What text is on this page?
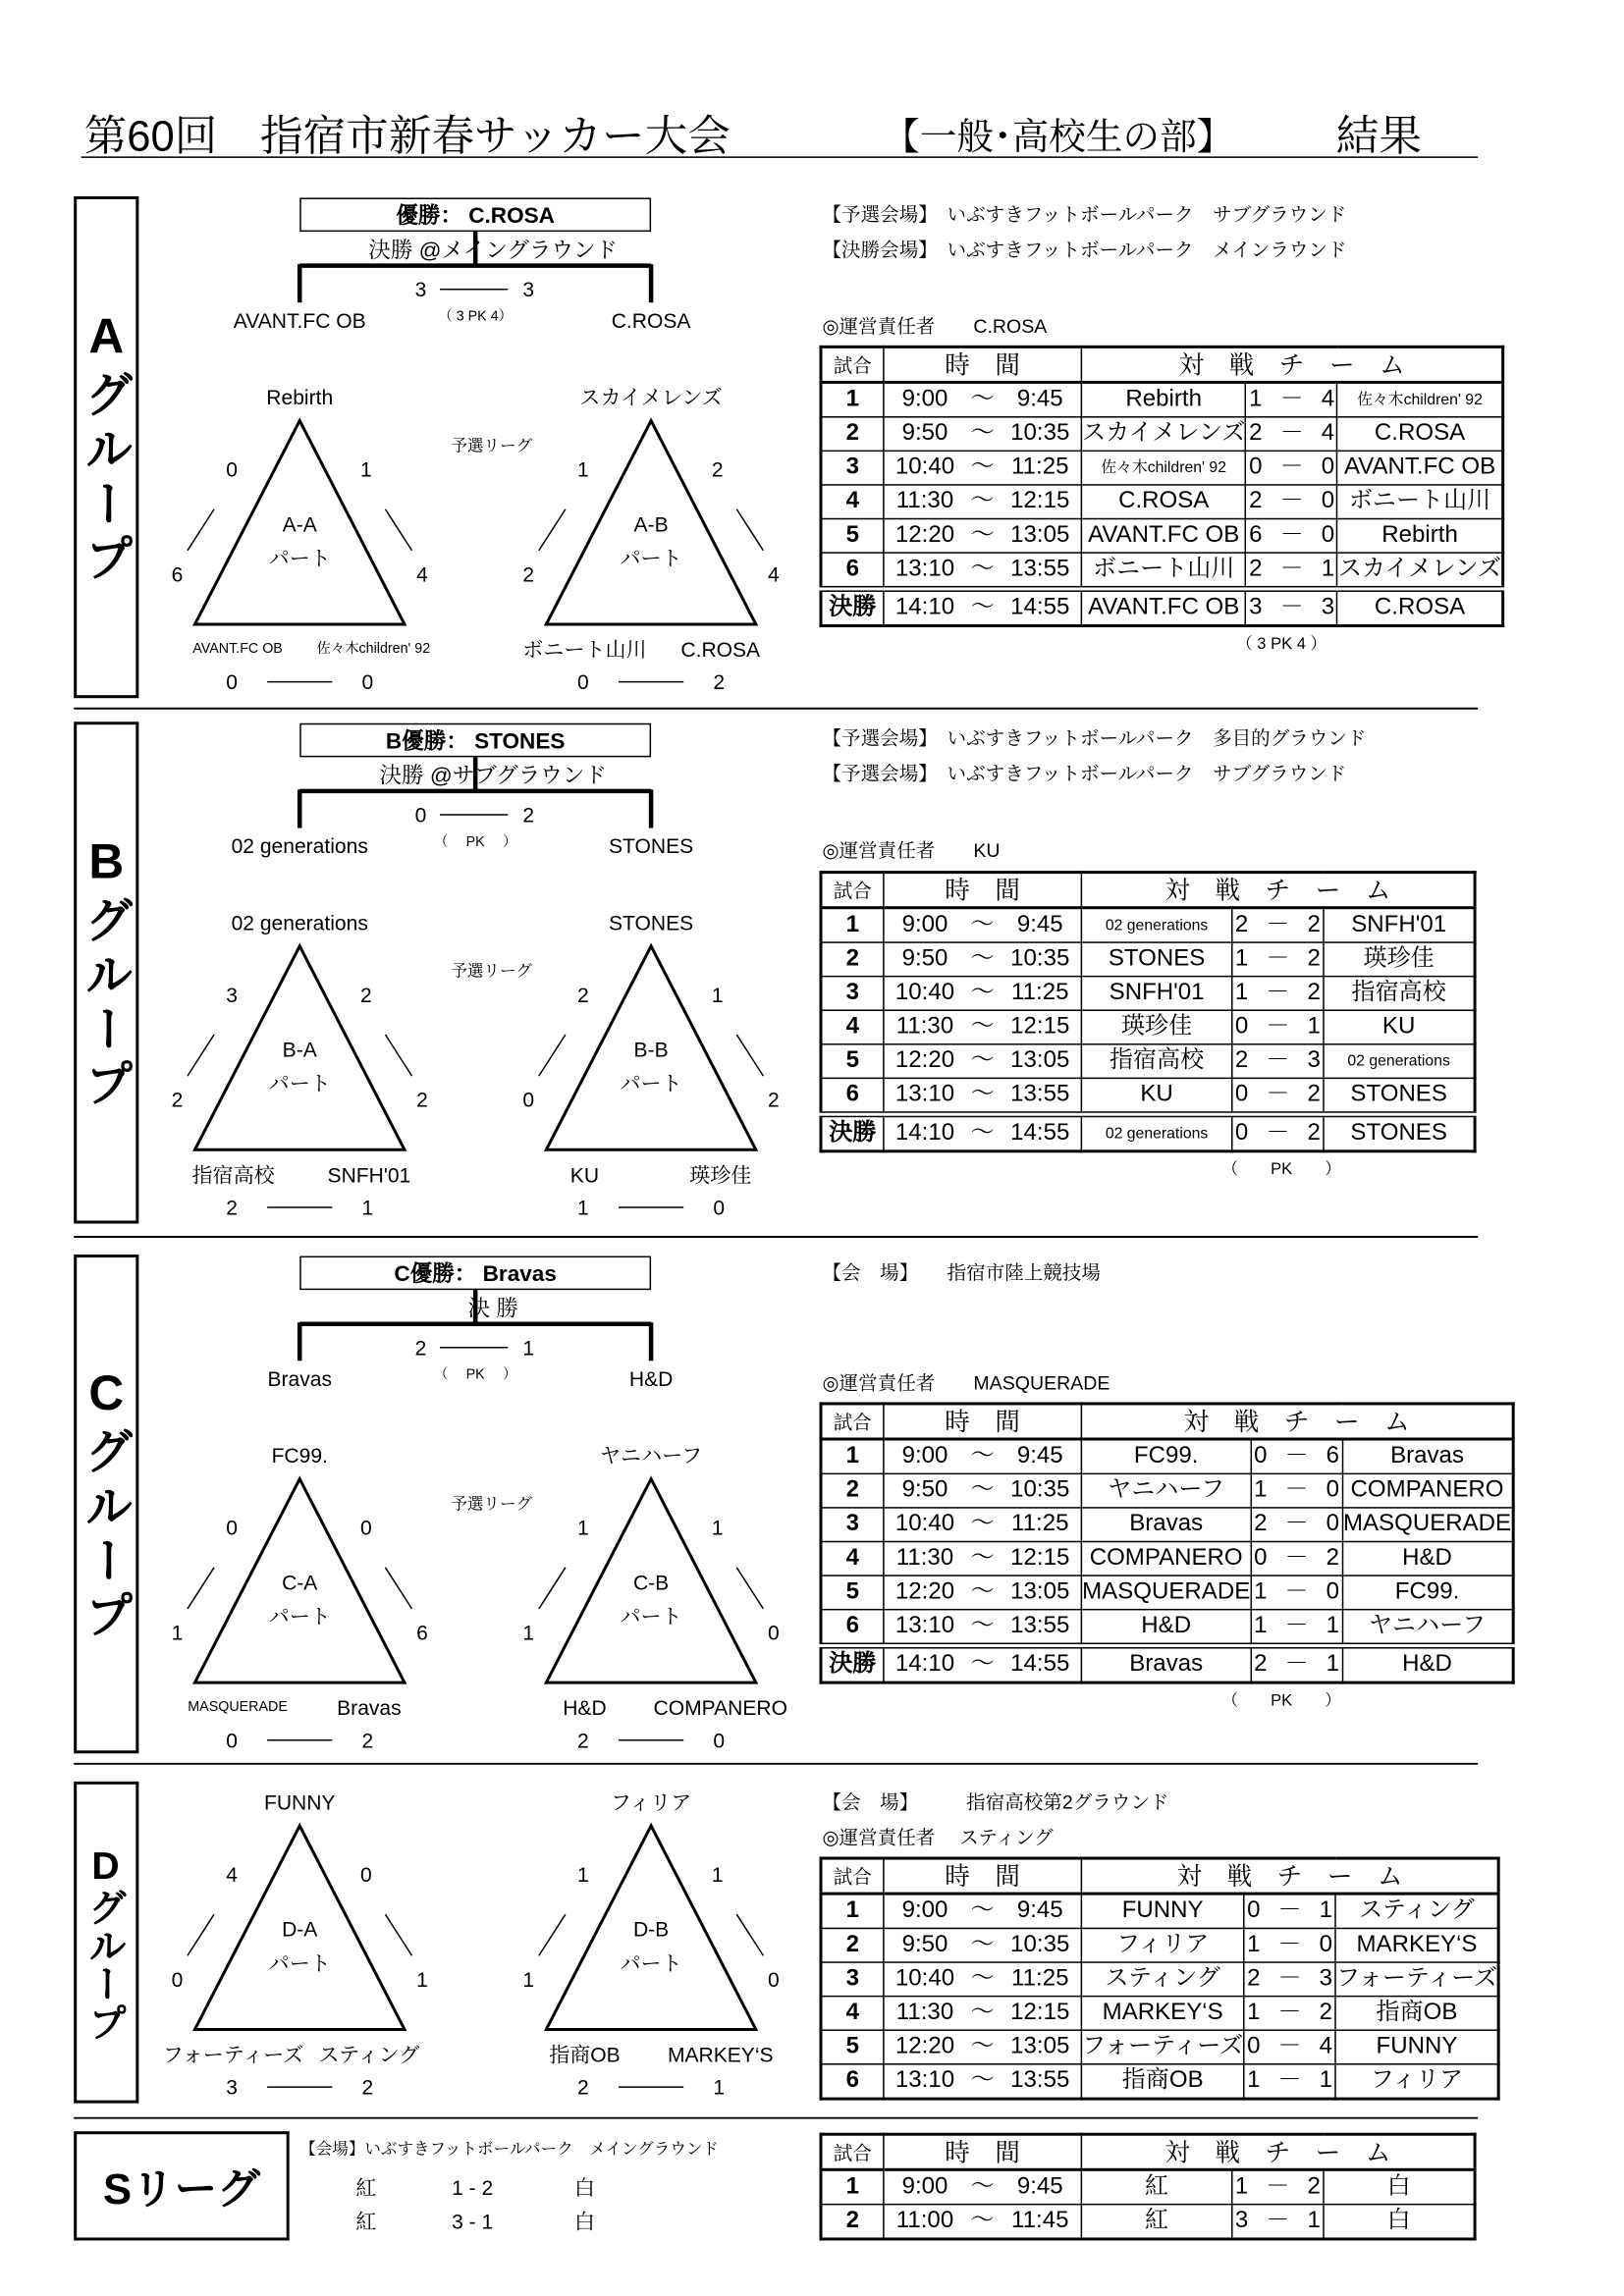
第60回　指宿市新春サッカー大会	【一般･高校生の部】	結果
Aグループ
優勝： C.ROSA
決勝 @メイングラウンド
3	3
AVANT.FC OB	C.ROSA
（ 3 PK 4）
予選リーグ
Rebirth
0	1
6	4
A-A
パート
AVANT.FC OB	佐々木children' 92
0	0
スカイメレンズ
1	2
2	4
A-B
パート
ボニート山川 C.ROSA
0	2
【予選会場】　いぶすきフットボールパーク　サブグラウンド
【決勝会場】　いぶすきフットボールパーク　メインラウンド
◎運営責任者　　C.ROSA
試合	時　間	対　戦　チ　ー　ム		
1	9:00 ～ 9:45	Rebirth	1 － 4	佐々木children' 92
2	9:50 ～ 10:35	スカイメレンズ	2 － 4	C.ROSA
3	10:40 ～ 11:25	佐々木children' 92	0 － 0	AVANT.FC OB
4	11:30 ～ 12:15	C.ROSA	2 － 0	ボニート山川
5	12:20 ～ 13:05	AVANT.FC OB	6 － 0	Rebirth
6	13:10 ～ 13:55	ボニート山川	2 － 1	スカイメレンズ
決勝	14:10 ～ 14:55	AVANT.FC OB	3 － 3	C.ROSA
（ 3 PK 4 ）
Bグループ
B優勝： STONES
決勝 @サブグラウンド
0	2
02 generations	STONES
（　 PK　 ）
予選リーグ
02 generations
3	2
2	2
B-A
パート
指宿高校	SNFH'01
2	1
STONES
2	1
0	2
B-B
パート
KU	瑛珍佳
1	0
【予選会場】　いぶすきフットボールパーク　多目的グラウンド
【予選会場】　いぶすきフットボールパーク　サブグラウンド
◎運営責任者　　KU
試合	時　間	対　戦　チ　ー　ム		
1	9:00 ～ 9:45	02 generations	2 － 2	SNFH'01
2	9:50 ～ 10:35	STONES	1 － 2	瑛珍佳
3	10:40 ～ 11:25	SNFH'01	1 － 2	指宿高校
4	11:30 ～ 12:15	瑛珍佳	0 － 1	KU
5	12:20 ～ 13:05	指宿高校	2 － 3	02 generations
6	13:10 ～ 13:55	KU	0 － 2	STONES
決勝	14:10 ～ 14:55	02 generations	0 － 2	STONES
（　　PK　　）
Cグループ
C優勝： Bravas
決 勝
2	1
Bravas	H&D
（　 PK　 ）
予選リーグ
FC99.
0	0
1	6
C-A
パート
MASQUERADE	Bravas
0	2
ヤニハーフ
1	1
1	0
C-B
パート
H&D	COMPANERO
2	0
【会　場】　　指宿市陸上競技場
◎運営責任者　　MASQUERADE
試合	時　間	対　戦　チ　ー　ム		
1	9:00 ～ 9:45	FC99.	0 － 6	Bravas
2	9:50 ～ 10:35	ヤニハーフ	1 － 0	COMPANERO
3	10:40 ～ 11:25	Bravas	2 － 0	MASQUERADE
4	11:30 ～ 12:15	COMPANERO	0 － 2	H&D
5	12:20 ～ 13:05	MASQUERADE	1 － 0	FC99.
6	13:10 ～ 13:55	H&D	1 － 1	ヤニハーフ
決勝	14:10 ～ 14:55	Bravas	2 － 1	H&D
（　　PK　　）
Dグループ
FUNNY
4	0
0	1
D-A
パート
フォーティーズ スティング
3	2
フィリア
1	1
1	0
D-B
パート
指商OB	MARKEY‘S
2	1
【会　場】　　　指宿高校第2グラウンド
◎運営責任者　 スティング
試合	時　間	対　戦　チ　ー　ム		
1	9:00 ～ 9:45	FUNNY	0 － 1	スティング
2	9:50 ～ 10:35	フィリア	1 － 0	MARKEY‘S
3	10:40 ～ 11:25	スティング	2 － 3	フォーティーズ
4	11:30 ～ 12:15	MARKEY‘S	1 － 2	指商OB
5	12:20 ～ 13:05	フォーティーズ	0 － 4	FUNNY
6	13:10 ～ 13:55	指商OB	1 － 1	フィリア
Sリーグ
【会場】いぶすきフットボールパーク　メイングラウンド
紅	1 - 2	白
紅	3 - 1	白
試合	時　間	対　戦　チ　ー　ム		
1	9:00 ～ 9:45	紅	1 － 2	白
2	11:00 ～ 11:45	紅	3 － 1	白
